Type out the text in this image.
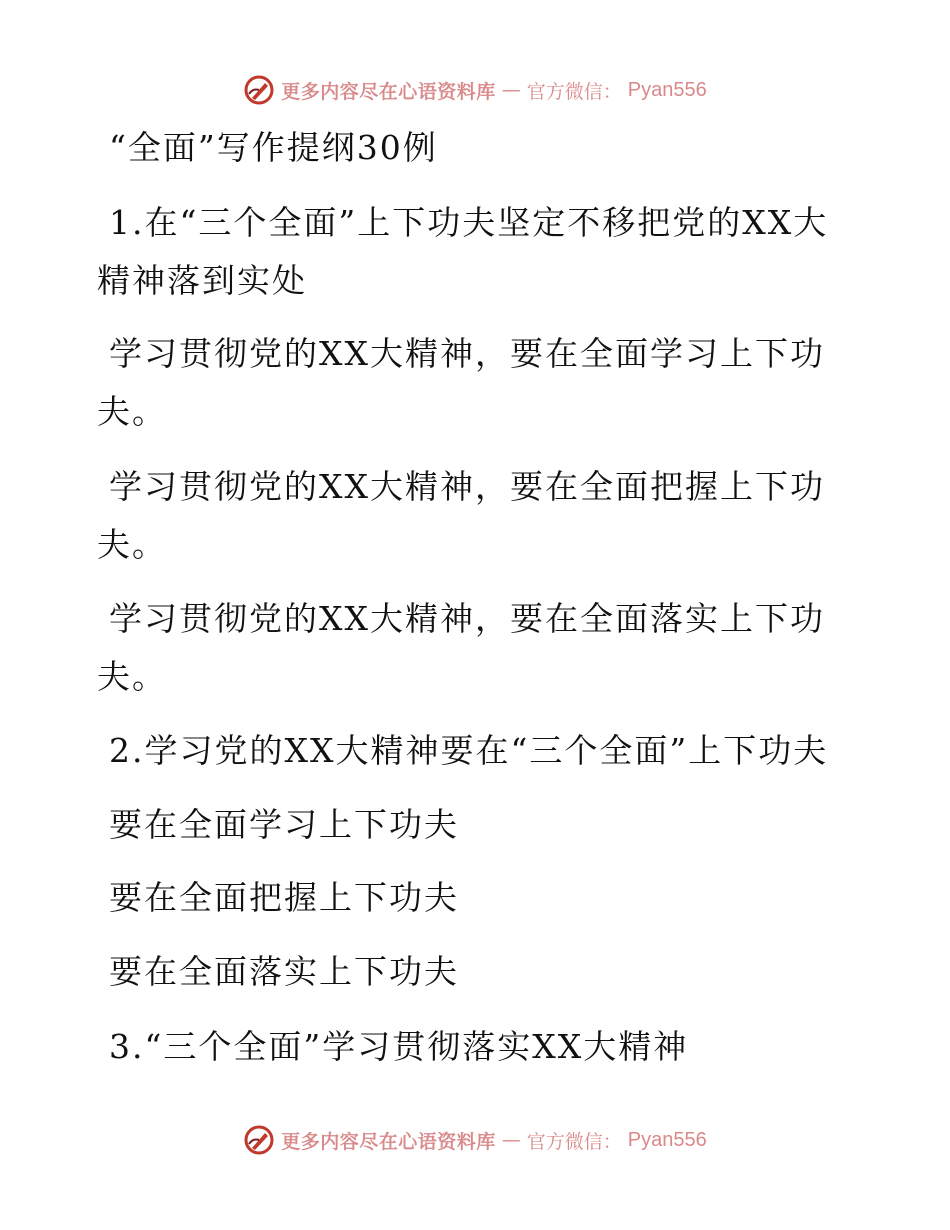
更多内容尽在心语资料库 — 官方微信： Pyan556
“全面”写作提纲30例
1.在“三个全面”上下功夫坚定不移把党的XX大
精神落到实处
学习贯彻党的XX大精神，要在全面学习上下功
夫。
学习贯彻党的XX大精神，要在全面把握上下功
夫。
学习贯彻党的XX大精神，要在全面落实上下功
夫。
2.学习党的XX大精神要在“三个全面”上下功夫
要在全面学习上下功夫
要在全面把握上下功夫
要在全面落实上下功夫
3.“三个全面”学习贯彻落实XX大精神
更多内容尽在心语资料库 — 官方微信： Pyan556
